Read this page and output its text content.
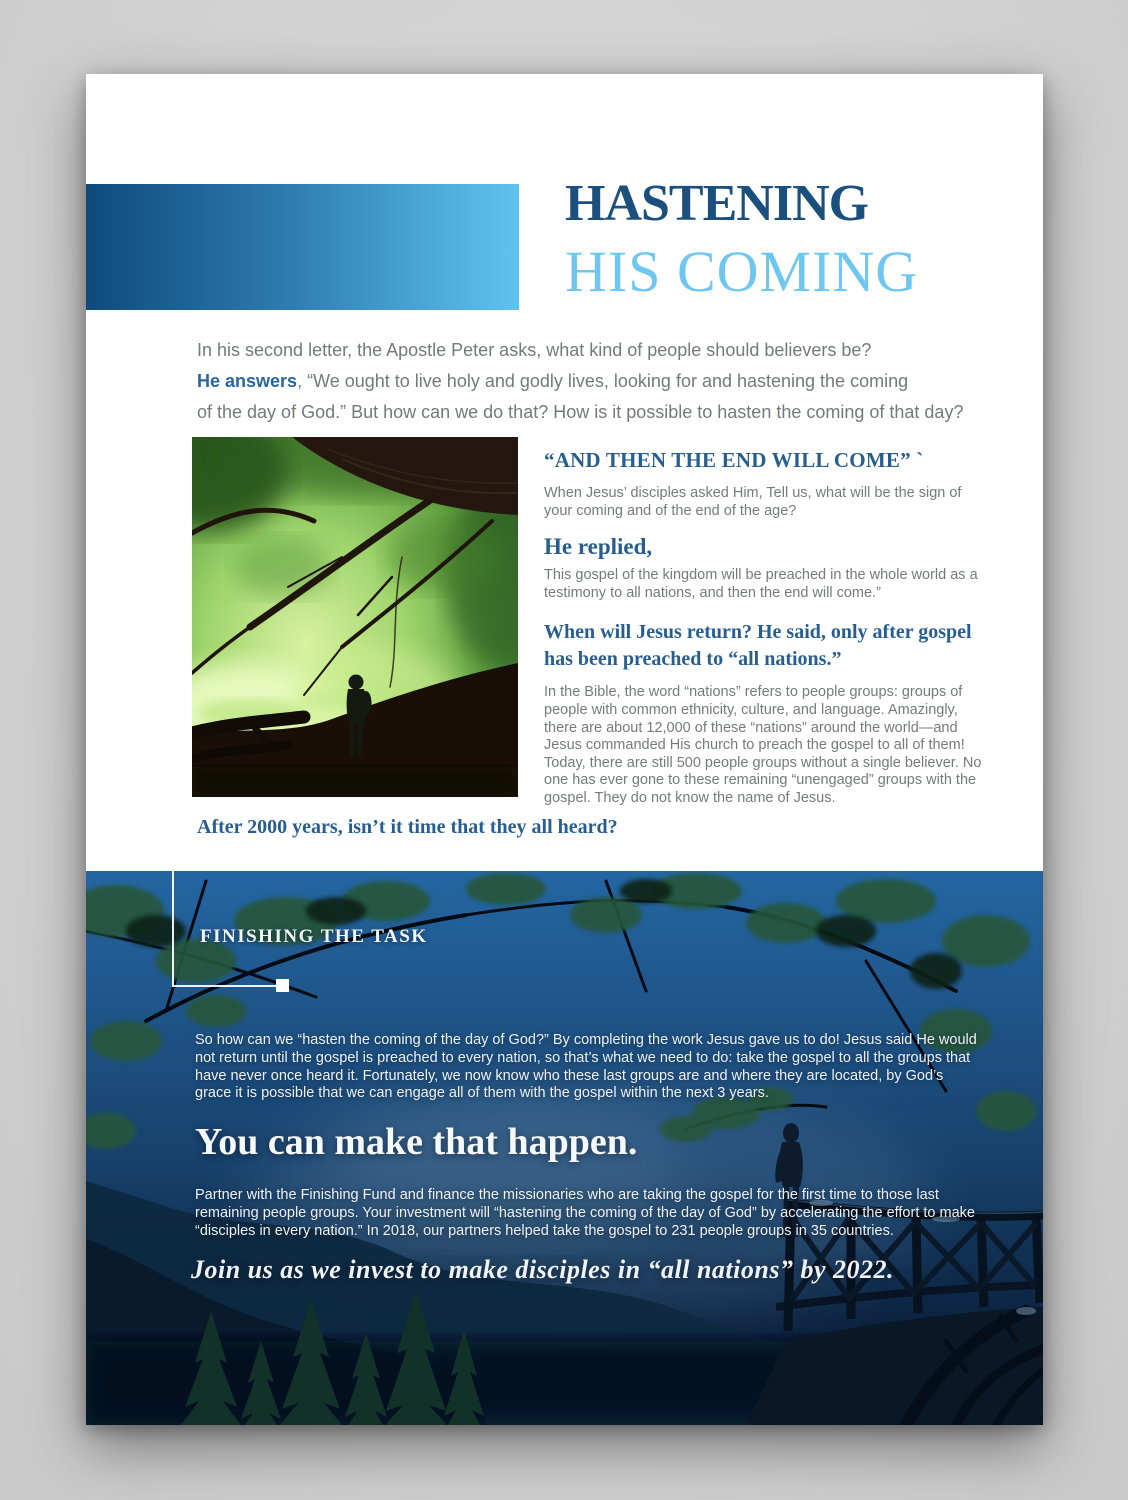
HASTENING
HIS COMING
In his second letter, the Apostle Peter asks, what kind of people should believers be?
He answers, “We ought to live holy and godly lives, looking for and hastening the coming
of the day of God.” But how can we do that? How is it possible to hasten the coming of that day?
“AND THEN THE END WILL COME” `

When Jesus’ disciples asked Him, Tell us, what will be the sign of your coming and of the end of the age?

He replied,

This gospel of the kingdom will be preached in the whole world as a testimony to all nations, and then the end will come.”

When will Jesus return? He said, only after gospel has been preached to “all nations.”

In the Bible, the word “nations” refers to people groups: groups of people with common ethnicity, culture, and language. Amazingly, there are about 12,000 of these “nations” around the world—and Jesus commanded His church to preach the gospel to all of them! Today, there are still 500 people groups without a single believer. No one has ever gone to these remaining “unengaged” groups with the gospel. They do not know the name of Jesus.

After 2000 years, isn’t it time that they all heard?
FINISHING THE TASK

So how can we “hasten the coming of the day of God?” By completing the work Jesus gave us to do! Jesus said He would not return until the gospel is preached to every nation, so that’s what we need to do: take the gospel to all the groups that have never once heard it. Fortunately, we now know who these last groups are and where they are located, by God’s grace it is possible that we can engage all of them with the gospel within the next 3 years.

You can make that happen.

Partner with the Finishing Fund and finance the missionaries who are taking the gospel for the first time to those last remaining people groups. Your investment will “hastening the coming of the day of God” by accelerating the effort to make “disciples in every nation.” In 2018, our partners helped take the gospel to 231 people groups in 35 countries.

Join us as we invest to make disciples in “all nations” by 2022.
